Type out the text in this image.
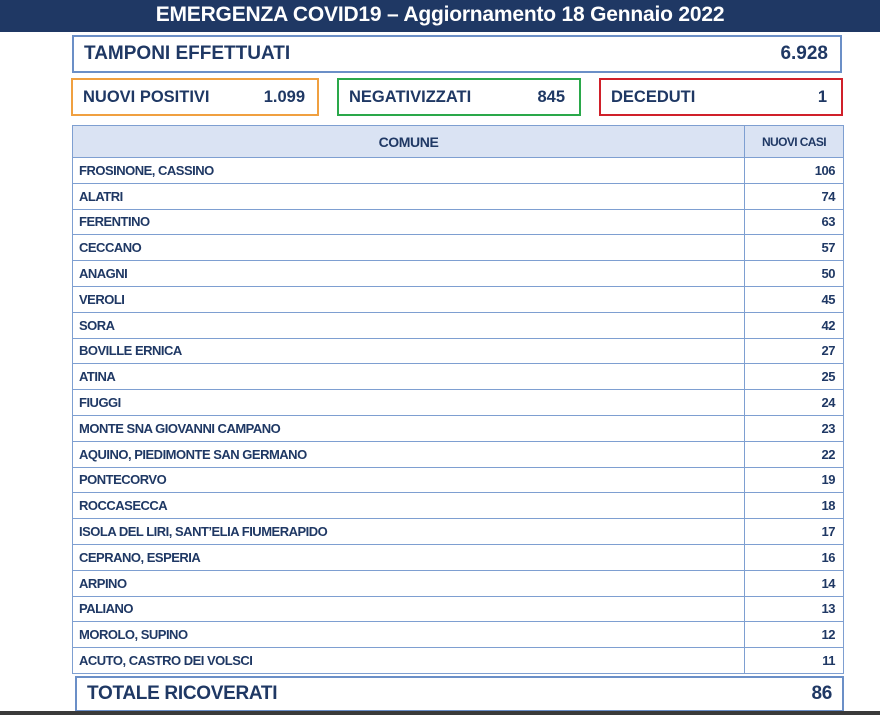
EMERGENZA COVID19 – Aggiornamento 18 Gennaio 2022
TAMPONI EFFETTUATI	6.928
NUOVI POSITIVI	1.099	NEGATIVIZZATI	845	DECEDUTI	1
COMUNE	NUOVI CASI
FROSINONE, CASSINO	106
ALATRI	74
FERENTINO	63
CECCANO	57
ANAGNI	50
VEROLI	45
SORA	42
BOVILLE ERNICA	27
ATINA	25
FIUGGI	24
MONTE SNA GIOVANNI CAMPANO	23
AQUINO, PIEDIMONTE SAN GERMANO	22
PONTECORVO	19
ROCCASECCA	18
ISOLA DEL LIRI, SANT’ELIA FIUMERAPIDO	17
CEPRANO, ESPERIA	16
ARPINO	14
PALIANO	13
MOROLO, SUPINO	12
ACUTO, CASTRO DEI VOLSCI	11
TOTALE RICOVERATI	86
